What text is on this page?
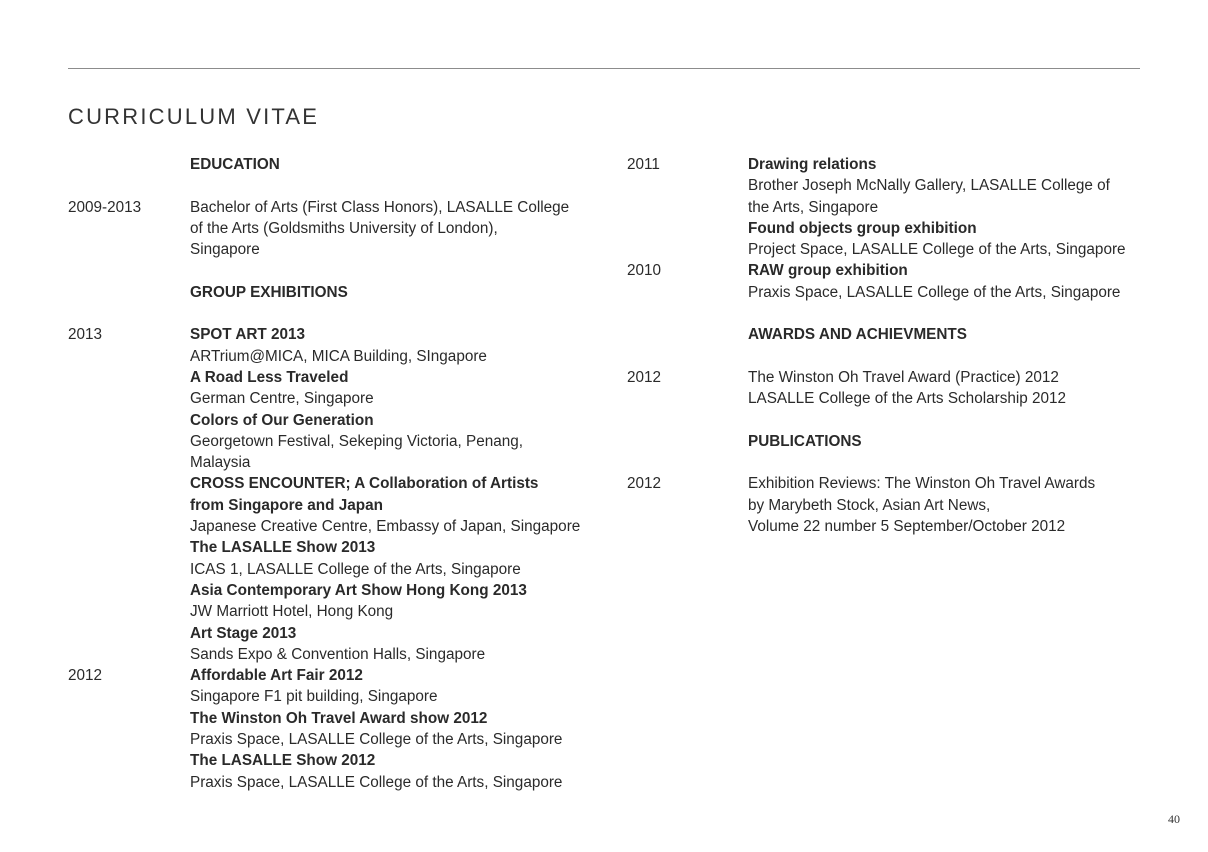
CURRICULUM VITAE
EDUCATION
2009-2013	Bachelor of Arts (First Class Honors), LASALLE College
of the Arts (Goldsmiths University of London),
Singapore
GROUP EXHIBITIONS
2013	SPOT ART 2013
ARTrium@MICA, MICA Building, SIngapore
A Road Less Traveled
German Centre, Singapore
Colors of Our Generation
Georgetown Festival, Sekeping Victoria, Penang,
Malaysia
CROSS ENCOUNTER; A Collaboration of Artists
from Singapore and Japan
Japanese Creative Centre, Embassy of Japan, Singapore
The LASALLE Show 2013
ICAS 1, LASALLE College of the Arts, Singapore
Asia Contemporary Art Show Hong Kong 2013
JW Marriott Hotel, Hong Kong
Art Stage 2013
Sands Expo & Convention Halls, Singapore
2012	Affordable Art Fair 2012
Singapore F1 pit building, Singapore
The Winston Oh Travel Award show 2012
Praxis Space, LASALLE College of the Arts, Singapore
The LASALLE Show 2012
Praxis Space, LASALLE College of the Arts, Singapore
2011	Drawing relations
Brother Joseph McNally Gallery, LASALLE College of
the Arts, Singapore
Found objects group exhibition
Project Space, LASALLE College of the Arts, Singapore
2010	RAW group exhibition
Praxis Space, LASALLE College of the Arts, Singapore
AWARDS AND ACHIEVMENTS
2012	The Winston Oh Travel Award (Practice) 2012
LASALLE College of the Arts Scholarship 2012
PUBLICATIONS
2012	Exhibition Reviews: The Winston Oh Travel Awards
by Marybeth Stock, Asian Art News,
Volume 22 number 5 September/October 2012
40
